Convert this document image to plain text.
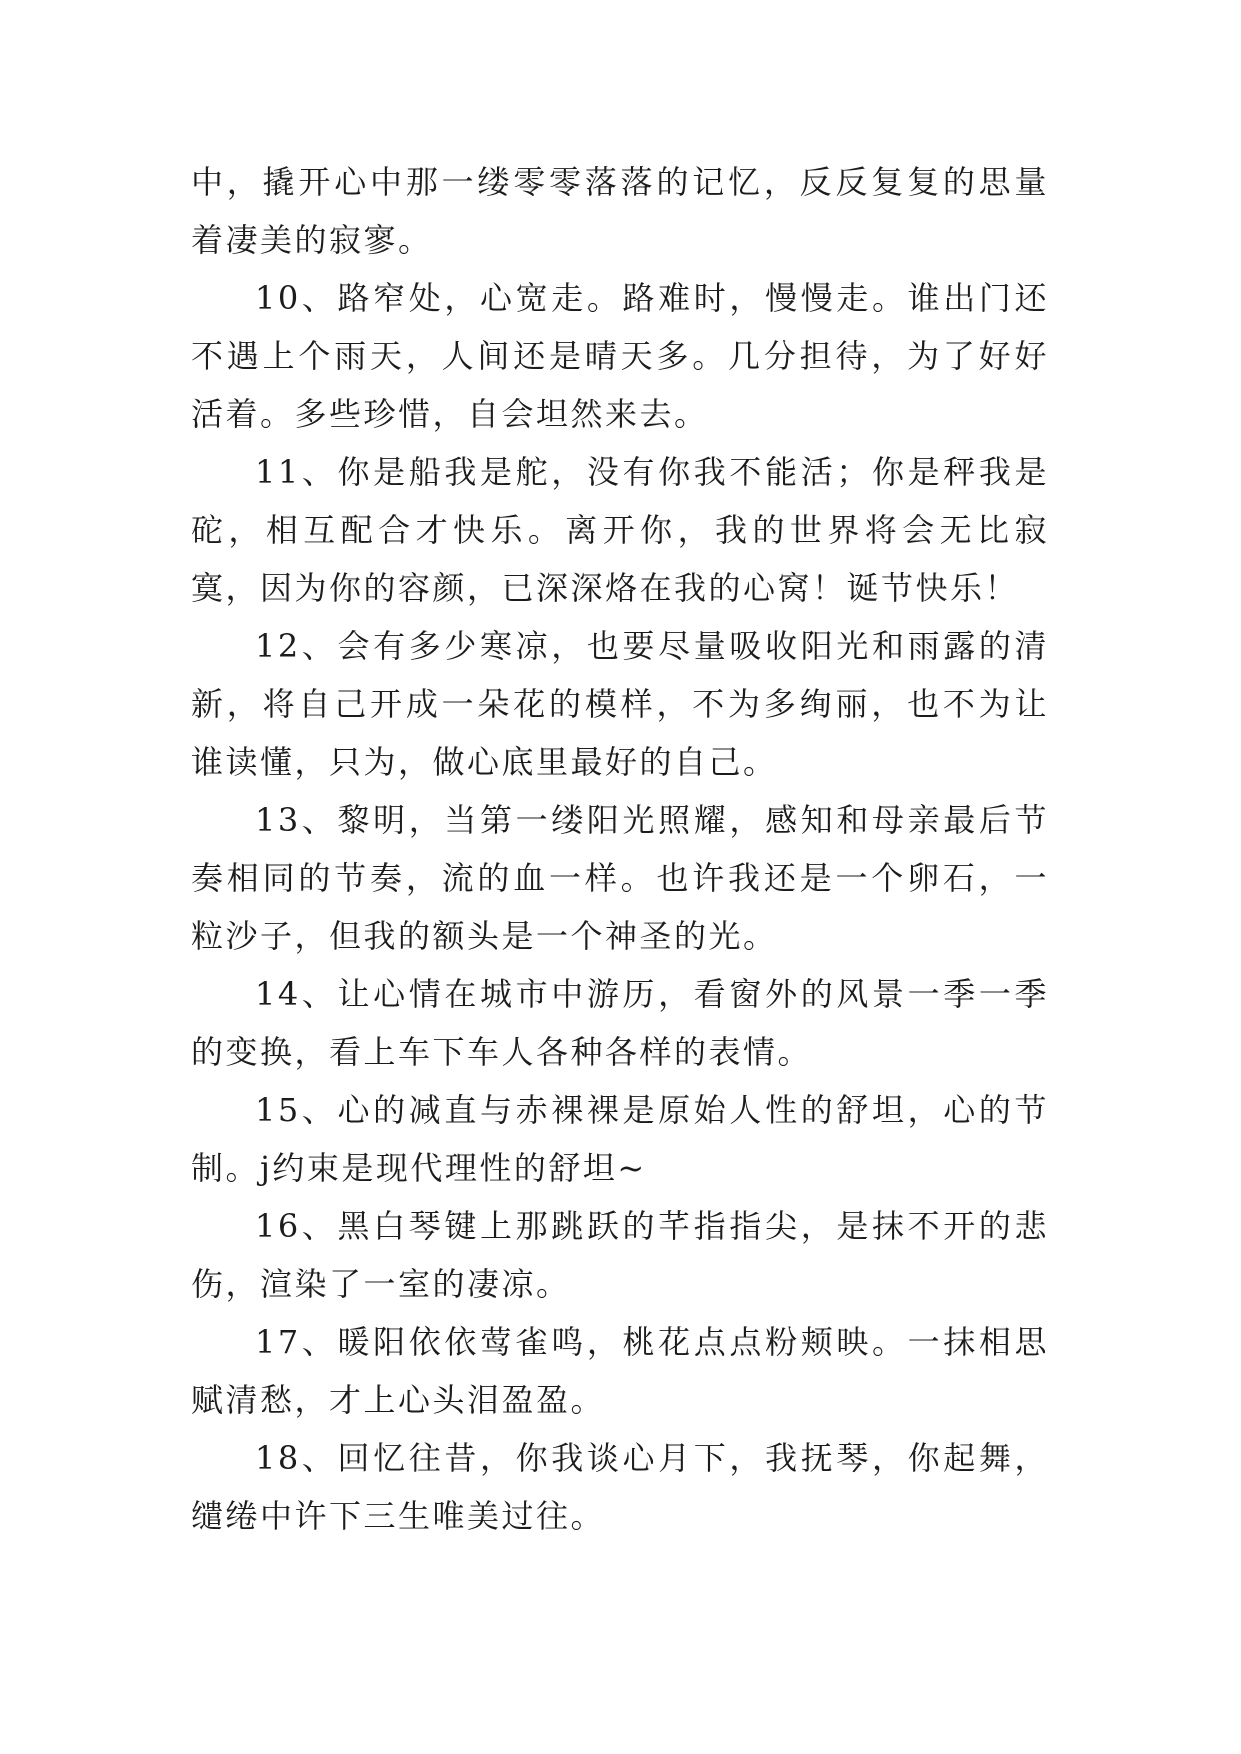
中，撬开心中那一缕零零落落的记忆，反反复复的思量着凄美的寂寥。

10、路窄处，心宽走。路难时，慢慢走。谁出门还不遇上个雨天，人间还是晴天多。几分担待，为了好好活着。多些珍惜，自会坦然来去。

11、你是船我是舵，没有你我不能活；你是秤我是砣，相互配合才快乐。离开你，我的世界将会无比寂寞，因为你的容颜，已深深烙在我的心窝！诞节快乐！

12、会有多少寒凉，也要尽量吸收阳光和雨露的清新，将自己开成一朵花的模样，不为多绚丽，也不为让谁读懂，只为，做心底里最好的自己。

13、黎明，当第一缕阳光照耀，感知和母亲最后节奏相同的节奏，流的血一样。也许我还是一个卵石，一粒沙子，但我的额头是一个神圣的光。

14、让心情在城市中游历，看窗外的风景一季一季的变换，看上车下车人各种各样的表情。

15、心的减直与赤裸裸是原始人性的舒坦，心的节制。j约束是现代理性的舒坦~

16、黑白琴键上那跳跃的芊指指尖，是抹不开的悲伤，渲染了一室的凄凉。

17、暖阳依依莺雀鸣，桃花点点粉颊映。一抹相思赋清愁，才上心头泪盈盈。

18、回忆往昔，你我谈心月下，我抚琴，你起舞，缱绻中许下三生唯美过往。
